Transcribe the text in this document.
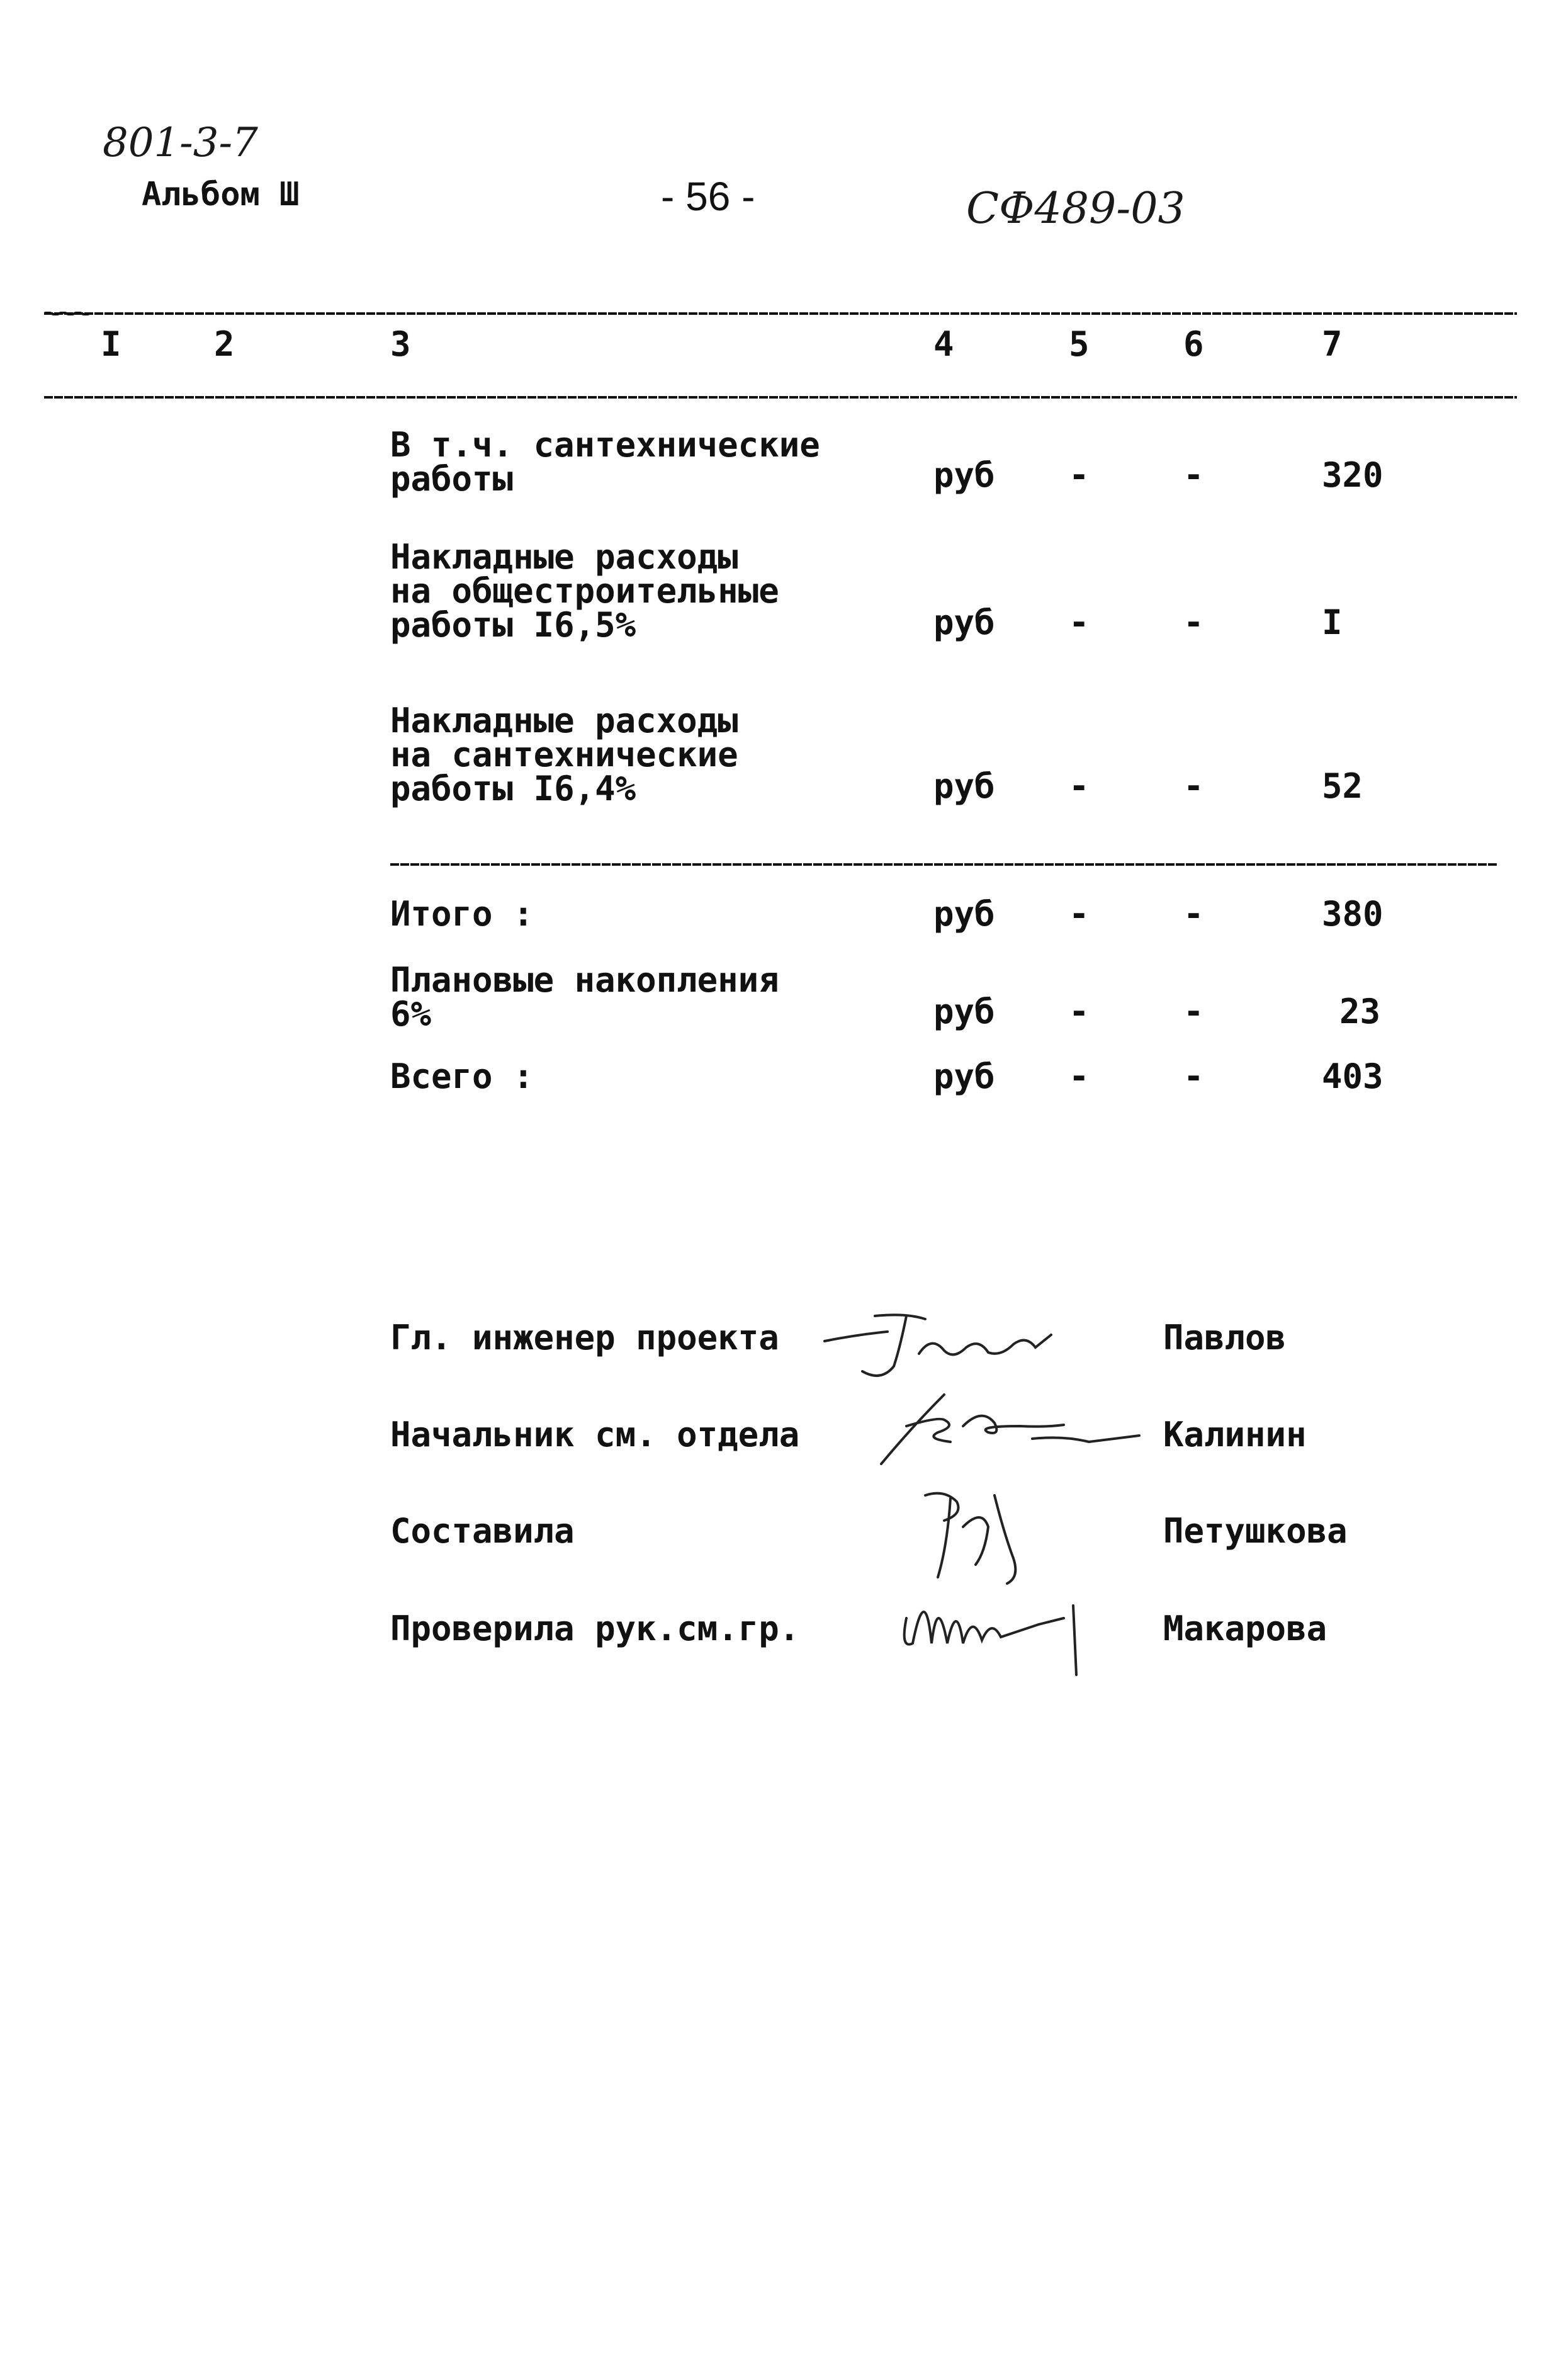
801-3-7
Альбом Ш	- 56 -	СФ489-03
I	2	3	4	5	6	7
В т.ч. сантехнические
работы	руб -	-	320
Накладные расходы
на общестроительные
работы I6,5%	руб -	-	I
Накладные расходы
на сантехнические
работы I6,4%	руб -	-	52
Итого :	руб -	-	380
Плановые накопления
6%	руб -	-	23
Всего :	руб -	-	403
Гл. инженер проекта	Павлов
Начальник см. отдела	Калинин
Составила	Петушкова
Проверила рук.см.гр.	Макарова
